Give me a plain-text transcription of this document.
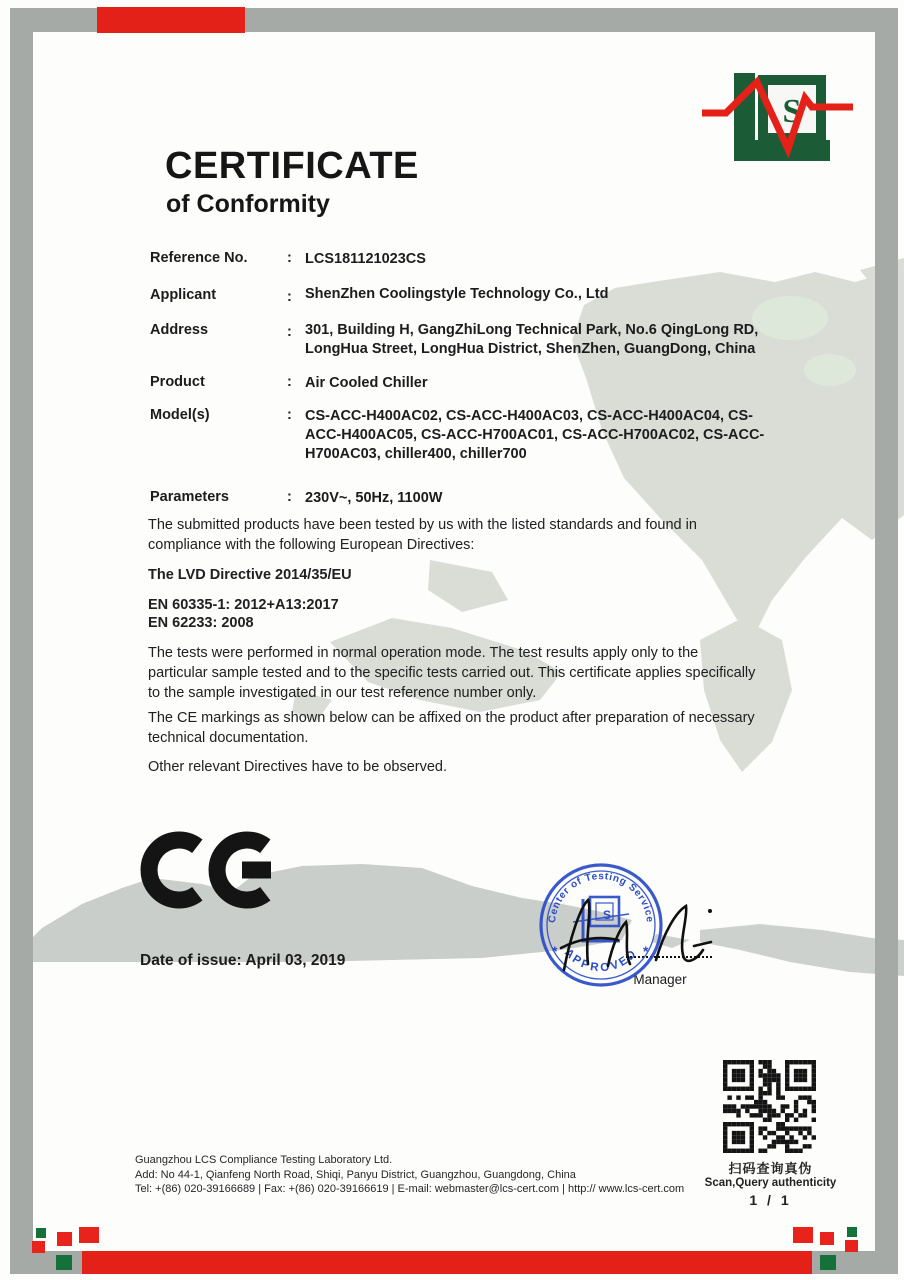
S
CERTIFICATE
of Conformity
Reference No.	: LCS181121023CS
Applicant	: ShenZhen Coolingstyle Technology Co., Ltd
Address	: 301, Building H, GangZhiLong Technical Park, No.6 QingLong RD, LongHua Street, LongHua District, ShenZhen, GuangDong, China
Product	: Air Cooled Chiller
Model(s)	: CS-ACC-H400AC02, CS-ACC-H400AC03, CS-ACC-H400AC04, CS-ACC-H400AC05, CS-ACC-H700AC01, CS-ACC-H700AC02, CS-ACC-H700AC03, chiller400, chiller700
Parameters	: 230V~, 50Hz, 1100W
The submitted products have been tested by us with the listed standards and found in compliance with the following European Directives:
The LVD Directive 2014/35/EU
EN 60335-1: 2012+A13:2017
EN 62233: 2008
The tests were performed in normal operation mode. The test results apply only to the particular sample tested and to the specific tests carried out. This certificate applies specifically to the sample investigated in our test reference number only.
The CE markings as shown below can be affixed on the product after preparation of necessary technical documentation.
Other relevant Directives have to be observed.
Date of issue: April 03, 2019
Center of Testing Service
APPROVED
S
*	*
Manager
扫码查询真伪
Scan,Query authenticity
1 / 1
Guangzhou LCS Compliance Testing Laboratory Ltd.
Add: No 44-1, Qianfeng North Road, Shiqi, Panyu District, Guangzhou, Guangdong, China
Tel: +(86) 020-39166689 | Fax: +(86) 020-39166619 | E-mail: webmaster@lcs-cert.com | http:// www.lcs-cert.com
